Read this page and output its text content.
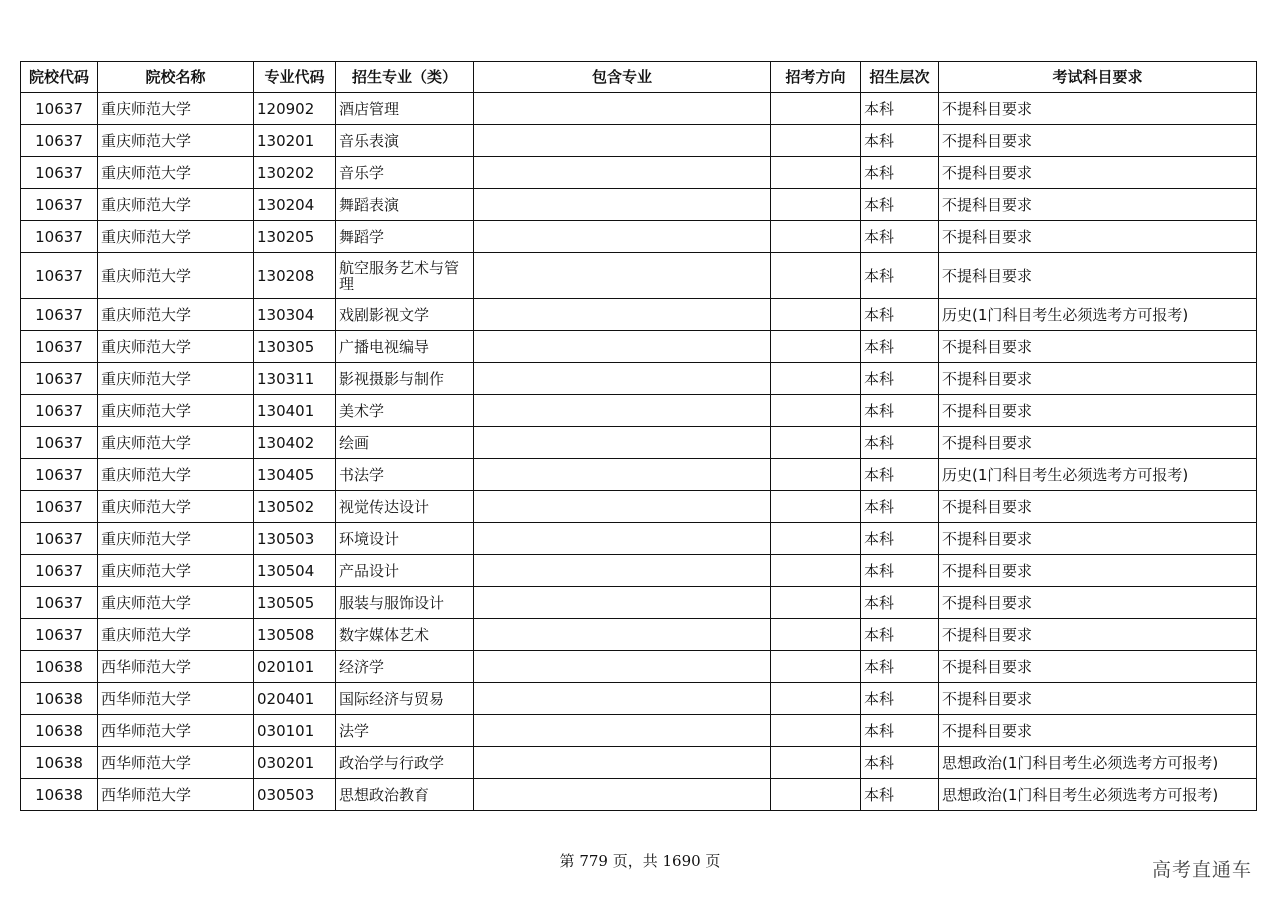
院校代码	院校名称	专业代码	招生专业（类）	包含专业	招考方向	招生层次	考试科目要求
10637	重庆师范大学	120902	酒店管理			本科	不提科目要求
10637	重庆师范大学	130201	音乐表演			本科	不提科目要求
10637	重庆师范大学	130202	音乐学			本科	不提科目要求
10637	重庆师范大学	130204	舞蹈表演			本科	不提科目要求
10637	重庆师范大学	130205	舞蹈学			本科	不提科目要求
10637	重庆师范大学	130208	航空服务艺术与管理			本科	不提科目要求
10637	重庆师范大学	130304	戏剧影视文学			本科	历史(1门科目考生必须选考方可报考)
10637	重庆师范大学	130305	广播电视编导			本科	不提科目要求
10637	重庆师范大学	130311	影视摄影与制作			本科	不提科目要求
10637	重庆师范大学	130401	美术学			本科	不提科目要求
10637	重庆师范大学	130402	绘画			本科	不提科目要求
10637	重庆师范大学	130405	书法学			本科	历史(1门科目考生必须选考方可报考)
10637	重庆师范大学	130502	视觉传达设计			本科	不提科目要求
10637	重庆师范大学	130503	环境设计			本科	不提科目要求
10637	重庆师范大学	130504	产品设计			本科	不提科目要求
10637	重庆师范大学	130505	服装与服饰设计			本科	不提科目要求
10637	重庆师范大学	130508	数字媒体艺术			本科	不提科目要求
10638	西华师范大学	020101	经济学			本科	不提科目要求
10638	西华师范大学	020401	国际经济与贸易			本科	不提科目要求
10638	西华师范大学	030101	法学			本科	不提科目要求
10638	西华师范大学	030201	政治学与行政学			本科	思想政治(1门科目考生必须选考方可报考)
10638	西华师范大学	030503	思想政治教育			本科	思想政治(1门科目考生必须选考方可报考)
第 779 页，共 1690 页	高考直通车
